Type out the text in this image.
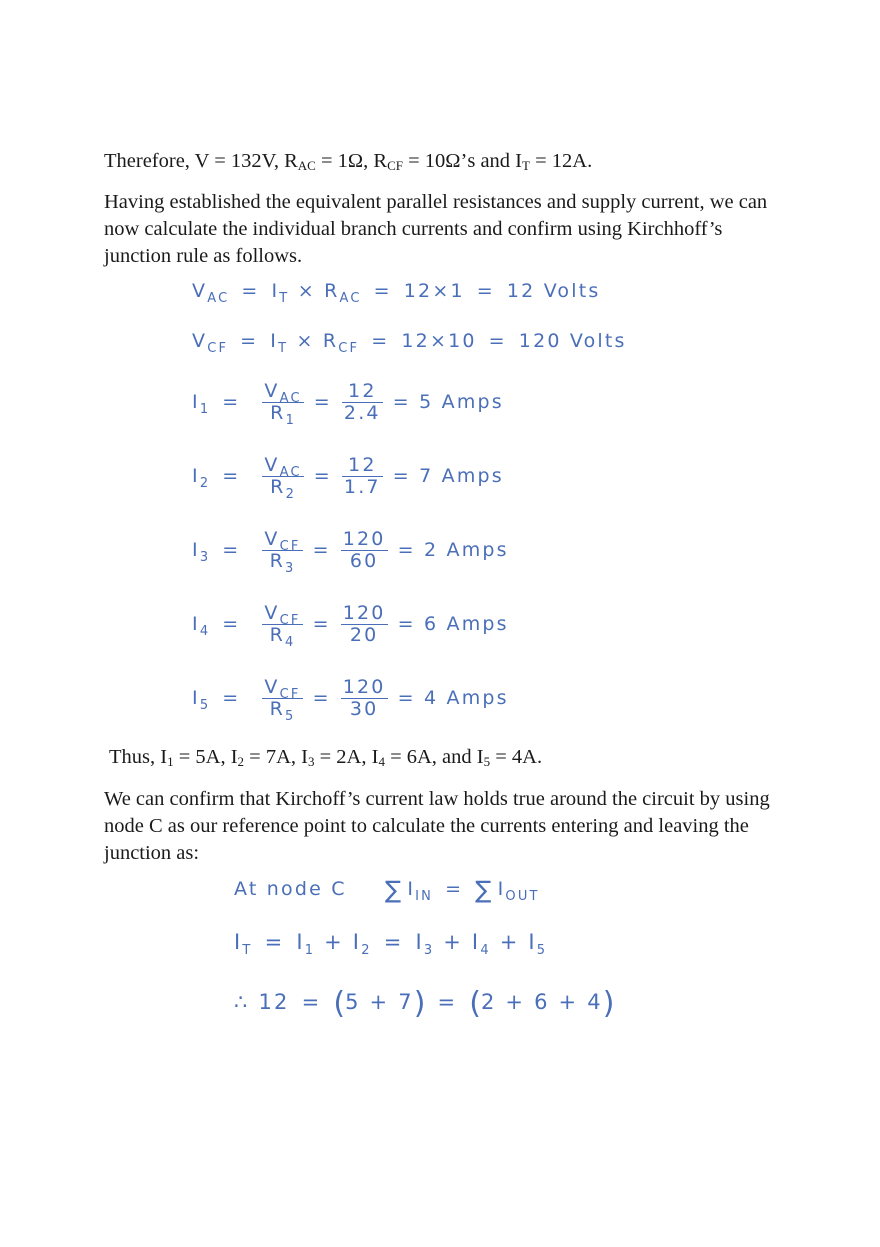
Therefore, V = 132V, $R_{AC} = 1\Omega$, $R_{CF}$ = 10Ω’s and $I_T = 12A$.

Having established the equivalent parallel resistances and supply current, we can now calculate the individual branch currents and confirm using Kirchhoff’s junction rule as follows.

$V_{AC} = I_T \times R_{AC} = 12\times 1 = 12$ Volts
$V_{CF} = I_T \times R_{CF} = 12\times 10 = 120$ Volts
$I_1 = \frac{V_{AC}}{R_1} = \frac{12}{2.4} = 5$ Amps
$I_2 = \frac{V_{AC}}{R_2} = \frac{12}{1.7} = 7$ Amps
$I_3 = \frac{V_{CF}}{R_3} = \frac{120}{60} = 2$ Amps
$I_4 = \frac{V_{CF}}{R_4} = \frac{120}{20} = 6$ Amps
$I_5 = \frac{V_{CF}}{R_5} = \frac{120}{30} = 4$ Amps

Thus, $I_1 = 5A$, $I_2 = 7A$, $I_3 = 2A$, $I_4 = 6A$, and $I_5 = 4A$.

We can confirm that Kirchoff’s current law holds true around the circuit by using node C as our reference point to calculate the currents entering and leaving the junction as:

At node C ∑ $I_{IN}$ = ∑ $I_{OUT}$
$I_T = I_1 + I_2 = I_3 + I_4 + I_5$
∴ 12 = (5 + 7) = (2 + 6 + 4)
